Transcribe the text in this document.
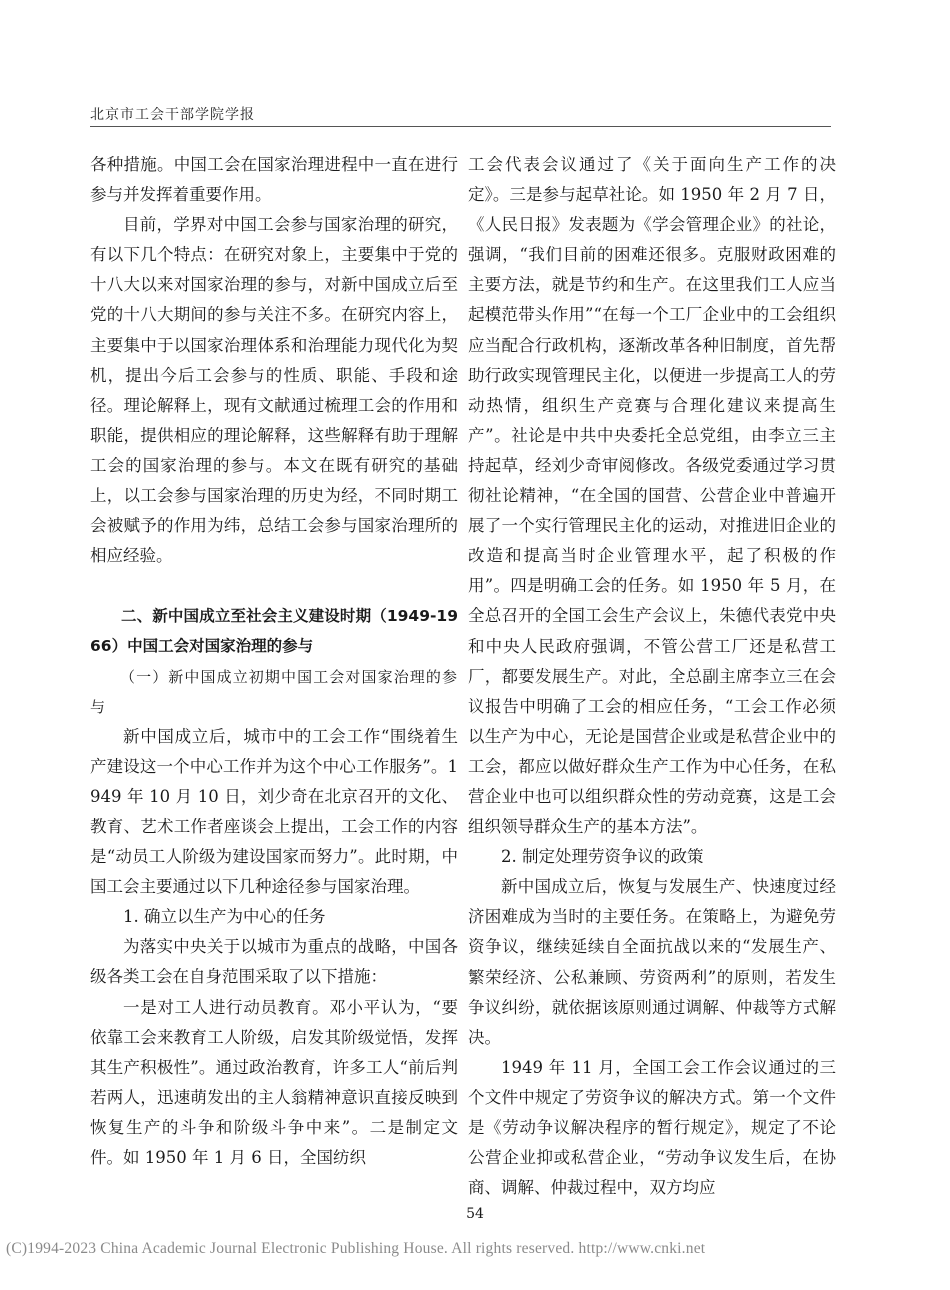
北京市工会干部学院学报

各种措施。中国工会在国家治理进程中一直在进行参与并发挥着重要作用。

目前，学界对中国工会参与国家治理的研究，有以下几个特点：在研究对象上，主要集中于党的十八大以来对国家治理的参与，对新中国成立后至党的十八大期间的参与关注不多。在研究内容上，主要集中于以国家治理体系和治理能力现代化为契机，提出今后工会参与的性质、职能、手段和途径。理论解释上，现有文献通过梳理工会的作用和职能，提供相应的理论解释，这些解释有助于理解工会的国家治理的参与。本文在既有研究的基础上，以工会参与国家治理的历史为经，不同时期工会被赋予的作用为纬，总结工会参与国家治理所的相应经验。

二、新中国成立至社会主义建设时期（1949-1966）中国工会对国家治理的参与

（一）新中国成立初期中国工会对国家治理的参与

新中国成立后，城市中的工会工作“围绕着生产建设这一个中心工作并为这个中心工作服务”。1949 年 10 月 10 日，刘少奇在北京召开的文化、教育、艺术工作者座谈会上提出，工会工作的内容是“动员工人阶级为建设国家而努力”。此时期，中国工会主要通过以下几种途径参与国家治理。

1. 确立以生产为中心的任务

为落实中央关于以城市为重点的战略，中国各级各类工会在自身范围采取了以下措施：

一是对工人进行动员教育。邓小平认为，“要依靠工会来教育工人阶级，启发其阶级觉悟，发挥其生产积极性”。通过政治教育，许多工人“前后判若两人，迅速萌发出的主人翁精神意识直接反映到恢复生产的斗争和阶级斗争中来”。二是制定文件。如 1950 年 1 月 6 日，全国纺织

工会代表会议通过了《关于面向生产工作的决定》。三是参与起草社论。如 1950 年 2 月 7 日，《人民日报》发表题为《学会管理企业》的社论，强调，“我们目前的困难还很多。克服财政困难的主要方法，就是节约和生产。在这里我们工人应当起模范带头作用”“在每一个工厂企业中的工会组织应当配合行政机构，逐渐改革各种旧制度，首先帮助行政实现管理民主化，以便进一步提高工人的劳动热情，组织生产竞赛与合理化建议来提高生产”。社论是中共中央委托全总党组，由李立三主持起草，经刘少奇审阅修改。各级党委通过学习贯彻社论精神，“在全国的国营、公营企业中普遍开展了一个实行管理民主化的运动，对推进旧企业的改造和提高当时企业管理水平，起了积极的作用”。四是明确工会的任务。如 1950 年 5 月，在全总召开的全国工会生产会议上，朱德代表党中央和中央人民政府强调，不管公营工厂还是私营工厂，都要发展生产。对此，全总副主席李立三在会议报告中明确了工会的相应任务，“工会工作必须以生产为中心，无论是国营企业或是私营企业中的工会，都应以做好群众生产工作为中心任务，在私营企业中也可以组织群众性的劳动竞赛，这是工会组织领导群众生产的基本方法”。

2. 制定处理劳资争议的政策

新中国成立后，恢复与发展生产、快速度过经济困难成为当时的主要任务。在策略上，为避免劳资争议，继续延续自全面抗战以来的“发展生产、繁荣经济、公私兼顾、劳资两利”的原则，若发生争议纠纷，就依据该原则通过调解、仲裁等方式解决。

1949 年 11 月，全国工会工作会议通过的三个文件中规定了劳资争议的解决方式。第一个文件是《劳动争议解决程序的暂行规定》，规定了不论公营企业抑或私营企业，“劳动争议发生后，在协商、调解、仲裁过程中，双方均应

54
(C)1994-2023 China Academic Journal Electronic Publishing House. All rights reserved. http://www.cnki.net
